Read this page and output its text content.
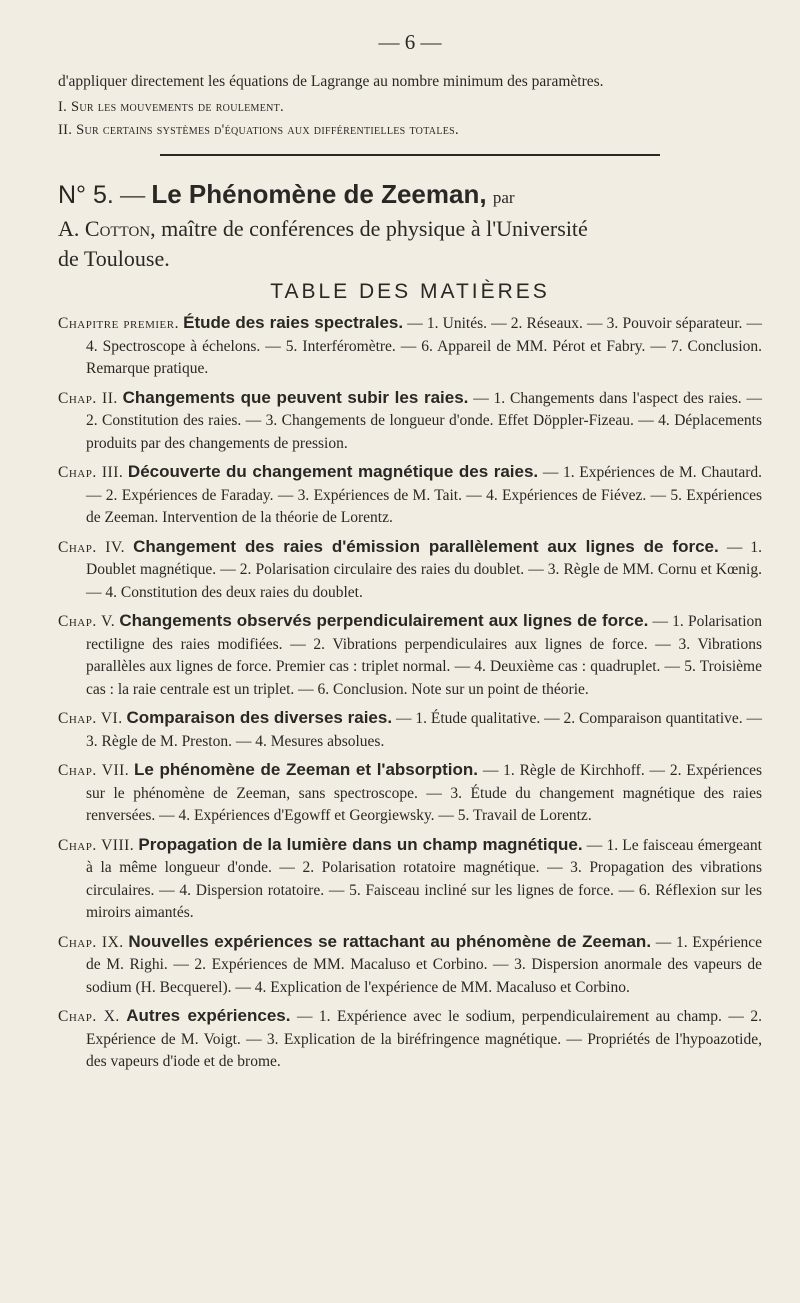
— 6 —

d'appliquer directement les équations de Lagrange au nombre minimum des paramètres.

I. Sur les mouvements de roulement.
II. Sur certains systèmes d'équations aux différentielles totales.

N° 5. — Le Phénomène de Zeeman, par

A. Cotton, maître de conférences de physique à l'Université

de Toulouse.

TABLE DES MATIÈRES

Chapitre premier. Étude des raies spectrales. — 1. Unités. — 2. Réseaux. — 3. Pouvoir séparateur. — 4. Spectroscope à échelons. — 5. Interféromètre. — 6. Appareil de MM. Pérot et Fabry. — 7. Conclusion. Remarque pratique.

Chap. II. Changements que peuvent subir les raies. — 1. Changements dans l'aspect des raies. — 2. Constitution des raies. — 3. Changements de longueur d'onde. Effet Döppler-Fizeau. — 4. Déplacements produits par des changements de pression.

Chap. III. Découverte du changement magnétique des raies. — 1. Expériences de M. Chautard. — 2. Expériences de Faraday. — 3. Expériences de M. Tait. — 4. Expériences de Fiévez. — 5. Expériences de Zeeman. Intervention de la théorie de Lorentz.

Chap. IV. Changement des raies d'émission parallèlement aux lignes de force. — 1. Doublet magnétique. — 2. Polarisation circulaire des raies du doublet. — 3. Règle de MM. Cornu et Kœnig. — 4. Constitution des deux raies du doublet.

Chap. V. Changements observés perpendiculairement aux lignes de force. — 1. Polarisation rectiligne des raies modifiées. — 2. Vibrations perpendiculaires aux lignes de force. — 3. Vibrations parallèles aux lignes de force. Premier cas : triplet normal. — 4. Deuxième cas : quadruplet. — 5. Troisième cas : la raie centrale est un triplet. — 6. Conclusion. Note sur un point de théorie.

Chap. VI. Comparaison des diverses raies. — 1. Étude qualitative. — 2. Comparaison quantitative. — 3. Règle de M. Preston. — 4. Mesures absolues.

Chap. VII. Le phénomène de Zeeman et l'absorption. — 1. Règle de Kirchhoff. — 2. Expériences sur le phénomène de Zeeman, sans spectroscope. — 3. Étude du changement magnétique des raies renversées. — 4. Expériences d'Egowff et Georgiewsky. — 5. Travail de Lorentz.

Chap. VIII. Propagation de la lumière dans un champ magnétique. — 1. Le faisceau émergeant à la même longueur d'onde. — 2. Polarisation rotatoire magnétique. — 3. Propagation des vibrations circulaires. — 4. Dispersion rotatoire. — 5. Faisceau incliné sur les lignes de force. — 6. Réflexion sur les miroirs aimantés.

Chap. IX. Nouvelles expériences se rattachant au phénomène de Zeeman. — 1. Expérience de M. Righi. — 2. Expériences de MM. Macaluso et Corbino. — 3. Dispersion anormale des vapeurs de sodium (H. Becquerel). — 4. Explication de l'expérience de MM. Macaluso et Corbino.

Chap. X. Autres expériences. — 1. Expérience avec le sodium, perpendiculairement au champ. — 2. Expérience de M. Voigt. — 3. Explication de la biréfringence magnétique. — Propriétés de l'hypoazotide, des vapeurs d'iode et de brome.
